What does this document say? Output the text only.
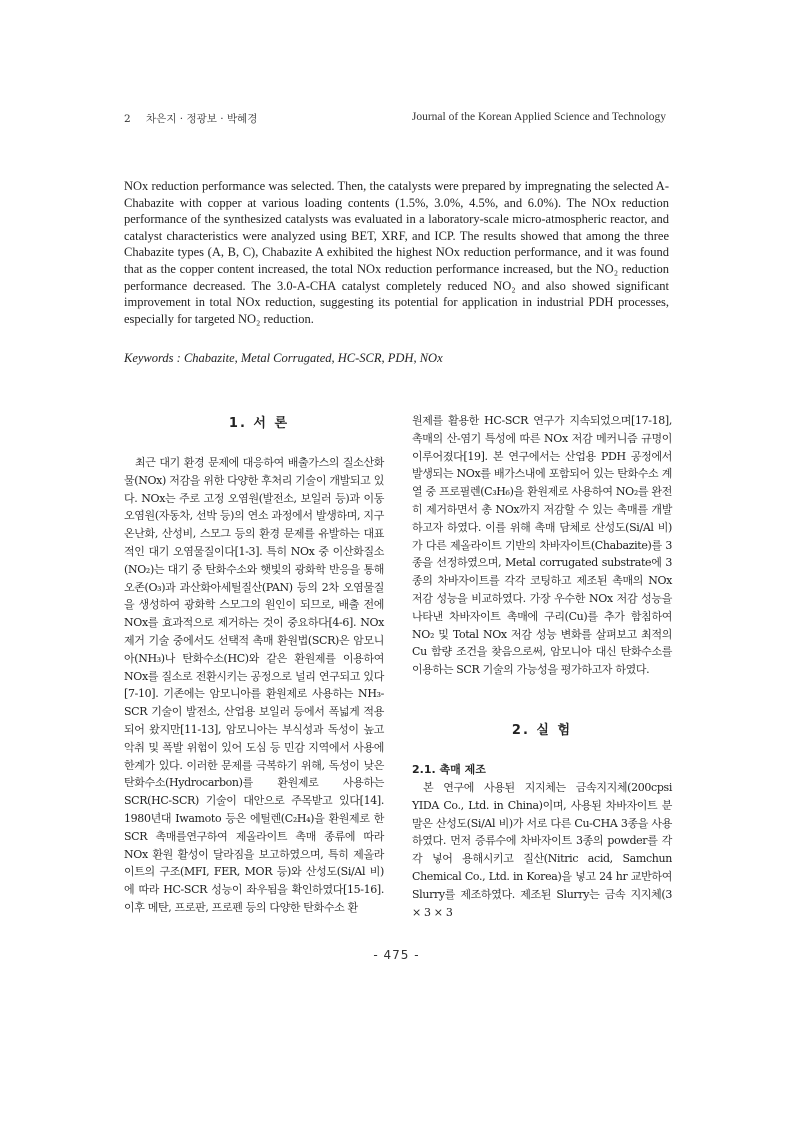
2 차은지 · 정광보 · 박혜경	Journal of the Korean Applied Science and Technology
NOx reduction performance was selected. Then, the catalysts were prepared by impregnating the selected A-Chabazite with copper at various loading contents (1.5%, 3.0%, 4.5%, and 6.0%). The NOx reduction performance of the synthesized catalysts was evaluated in a laboratory-scale micro-atmospheric reactor, and catalyst characteristics were analyzed using BET, XRF, and ICP. The results showed that among the three Chabazite types (A, B, C), Chabazite A exhibited the highest NOx reduction performance, and it was found that as the copper content increased, the total NOx reduction performance increased, but the NO₂ reduction performance decreased. The 3.0-A-CHA catalyst completely reduced NO₂ and also showed significant improvement in total NOx reduction, suggesting its potential for application in industrial PDH processes, especially for targeted NO₂ reduction.
Keywords : Chabazite, Metal Corrugated, HC-SCR, PDH, NOx
1. 서 론

최근 대기 환경 문제에 대응하여 배출가스의 질소산화물(NOx) 저감을 위한 다양한 후처리 기술이 개발되고 있다. NOx는 주로 고정 오염원(발전소, 보일러 등)과 이동 오염원(자동차, 선박 등)의 연소 과정에서 발생하며, 지구온난화, 산성비, 스모그 등의 환경 문제를 유발하는 대표적인 대기 오염물질이다[1-3]. 특히 NOx 중 이산화질소(NO₂)는 대기 중 탄화수소와 햇빛의 광화학 반응을 통해 오존(O₃)과 과산화아세틸질산(PAN) 등의 2차 오염물질을 생성하여 광화학 스모그의 원인이 되므로, 배출 전에 NOx를 효과적으로 제거하는 것이 중요하다[4-6]. NOx 제거 기술 중에서도 선택적 촉매 환원법(SCR)은 암모니아(NH₃)나 탄화수소(HC)와 같은 환원제를 이용하여 NOx를 질소로 전환시키는 공정으로 널리 연구되고 있다[7-10]. 기존에는 암모니아를 환원제로 사용하는 NH₃-SCR 기술이 발전소, 산업용 보일러 등에서 폭넓게 적용되어 왔지만[11-13], 암모니아는 부식성과 독성이 높고 악취 및 폭발 위험이 있어 도심 등 민감 지역에서 사용에 한계가 있다. 이러한 문제를 극복하기 위해, 독성이 낮은 탄화수소(Hydrocarbon)를 환원제로 사용하는 SCR(HC-SCR) 기술이 대안으로 주목받고 있다[14]. 1980년대 Iwamoto 등은 에틸렌(C₂H₄)을 환원제로 한 SCR 촉매를연구하여 제올라이트 촉매 종류에 따라 NOx 환원 활성이 달라짐을 보고하였으며, 특히 제올라이트의 구조(MFI, FER, MOR 등)와 산성도(Si/Al 비)에 따라 HC-SCR 성능이 좌우됨을 확인하였다[15-16]. 이후 메탄, 프로판, 프로펜 등의 다양한 탄화수소 환

원제를 활용한 HC-SCR 연구가 지속되었으며[17-18], 촉매의 산-염기 특성에 따른 NOx 저감 메커니즘 규명이 이루어졌다[19]. 본 연구에서는 산업용 PDH 공정에서 발생되는 NOx를 배가스내에 포함되어 있는 탄화수소 계열 중 프로필렌(C₃H₆)을 환원제로 사용하여 NO₂를 완전히 제거하면서 총 NOx까지 저감할 수 있는 촉매를 개발하고자 하였다. 이를 위해 촉매 담체로 산성도(Si/Al 비)가 다른 제올라이트 기반의 차바자이트(Chabazite)를 3종을 선정하였으며, Metal corrugated substrate에 3종의 차바자이트를 각각 코팅하고 제조된 촉매의 NOx 저감 성능을 비교하였다. 가장 우수한 NOx 저감 성능을 나타낸 차바자이트 촉매에 구리(Cu)를 추가 함침하여 NO₂ 및 Total NOx 저감 성능 변화를 살펴보고 최적의 Cu 함량 조건을 찾음으로써, 암모니아 대신 탄화수소를 이용하는 SCR 기술의 가능성을 평가하고자 하였다.

2. 실 험
2.1. 촉매 제조

본 연구에 사용된 지지체는 금속지지체(200cpsi YIDA Co., Ltd. in China)이며, 사용된 차바자이트 분말은 산성도(Si/Al 비)가 서로 다른 Cu-CHA 3종을 사용하였다. 먼저 증류수에 차바자이트 3종의 powder를 각각 넣어 용해시키고 질산(Nitric acid, Samchun Chemical Co., Ltd. in Korea)을 넣고 24 hr 교반하여 Slurry를 제조하였다. 제조된 Slurry는 금속 지지체(3 × 3 × 3

- 475 -
